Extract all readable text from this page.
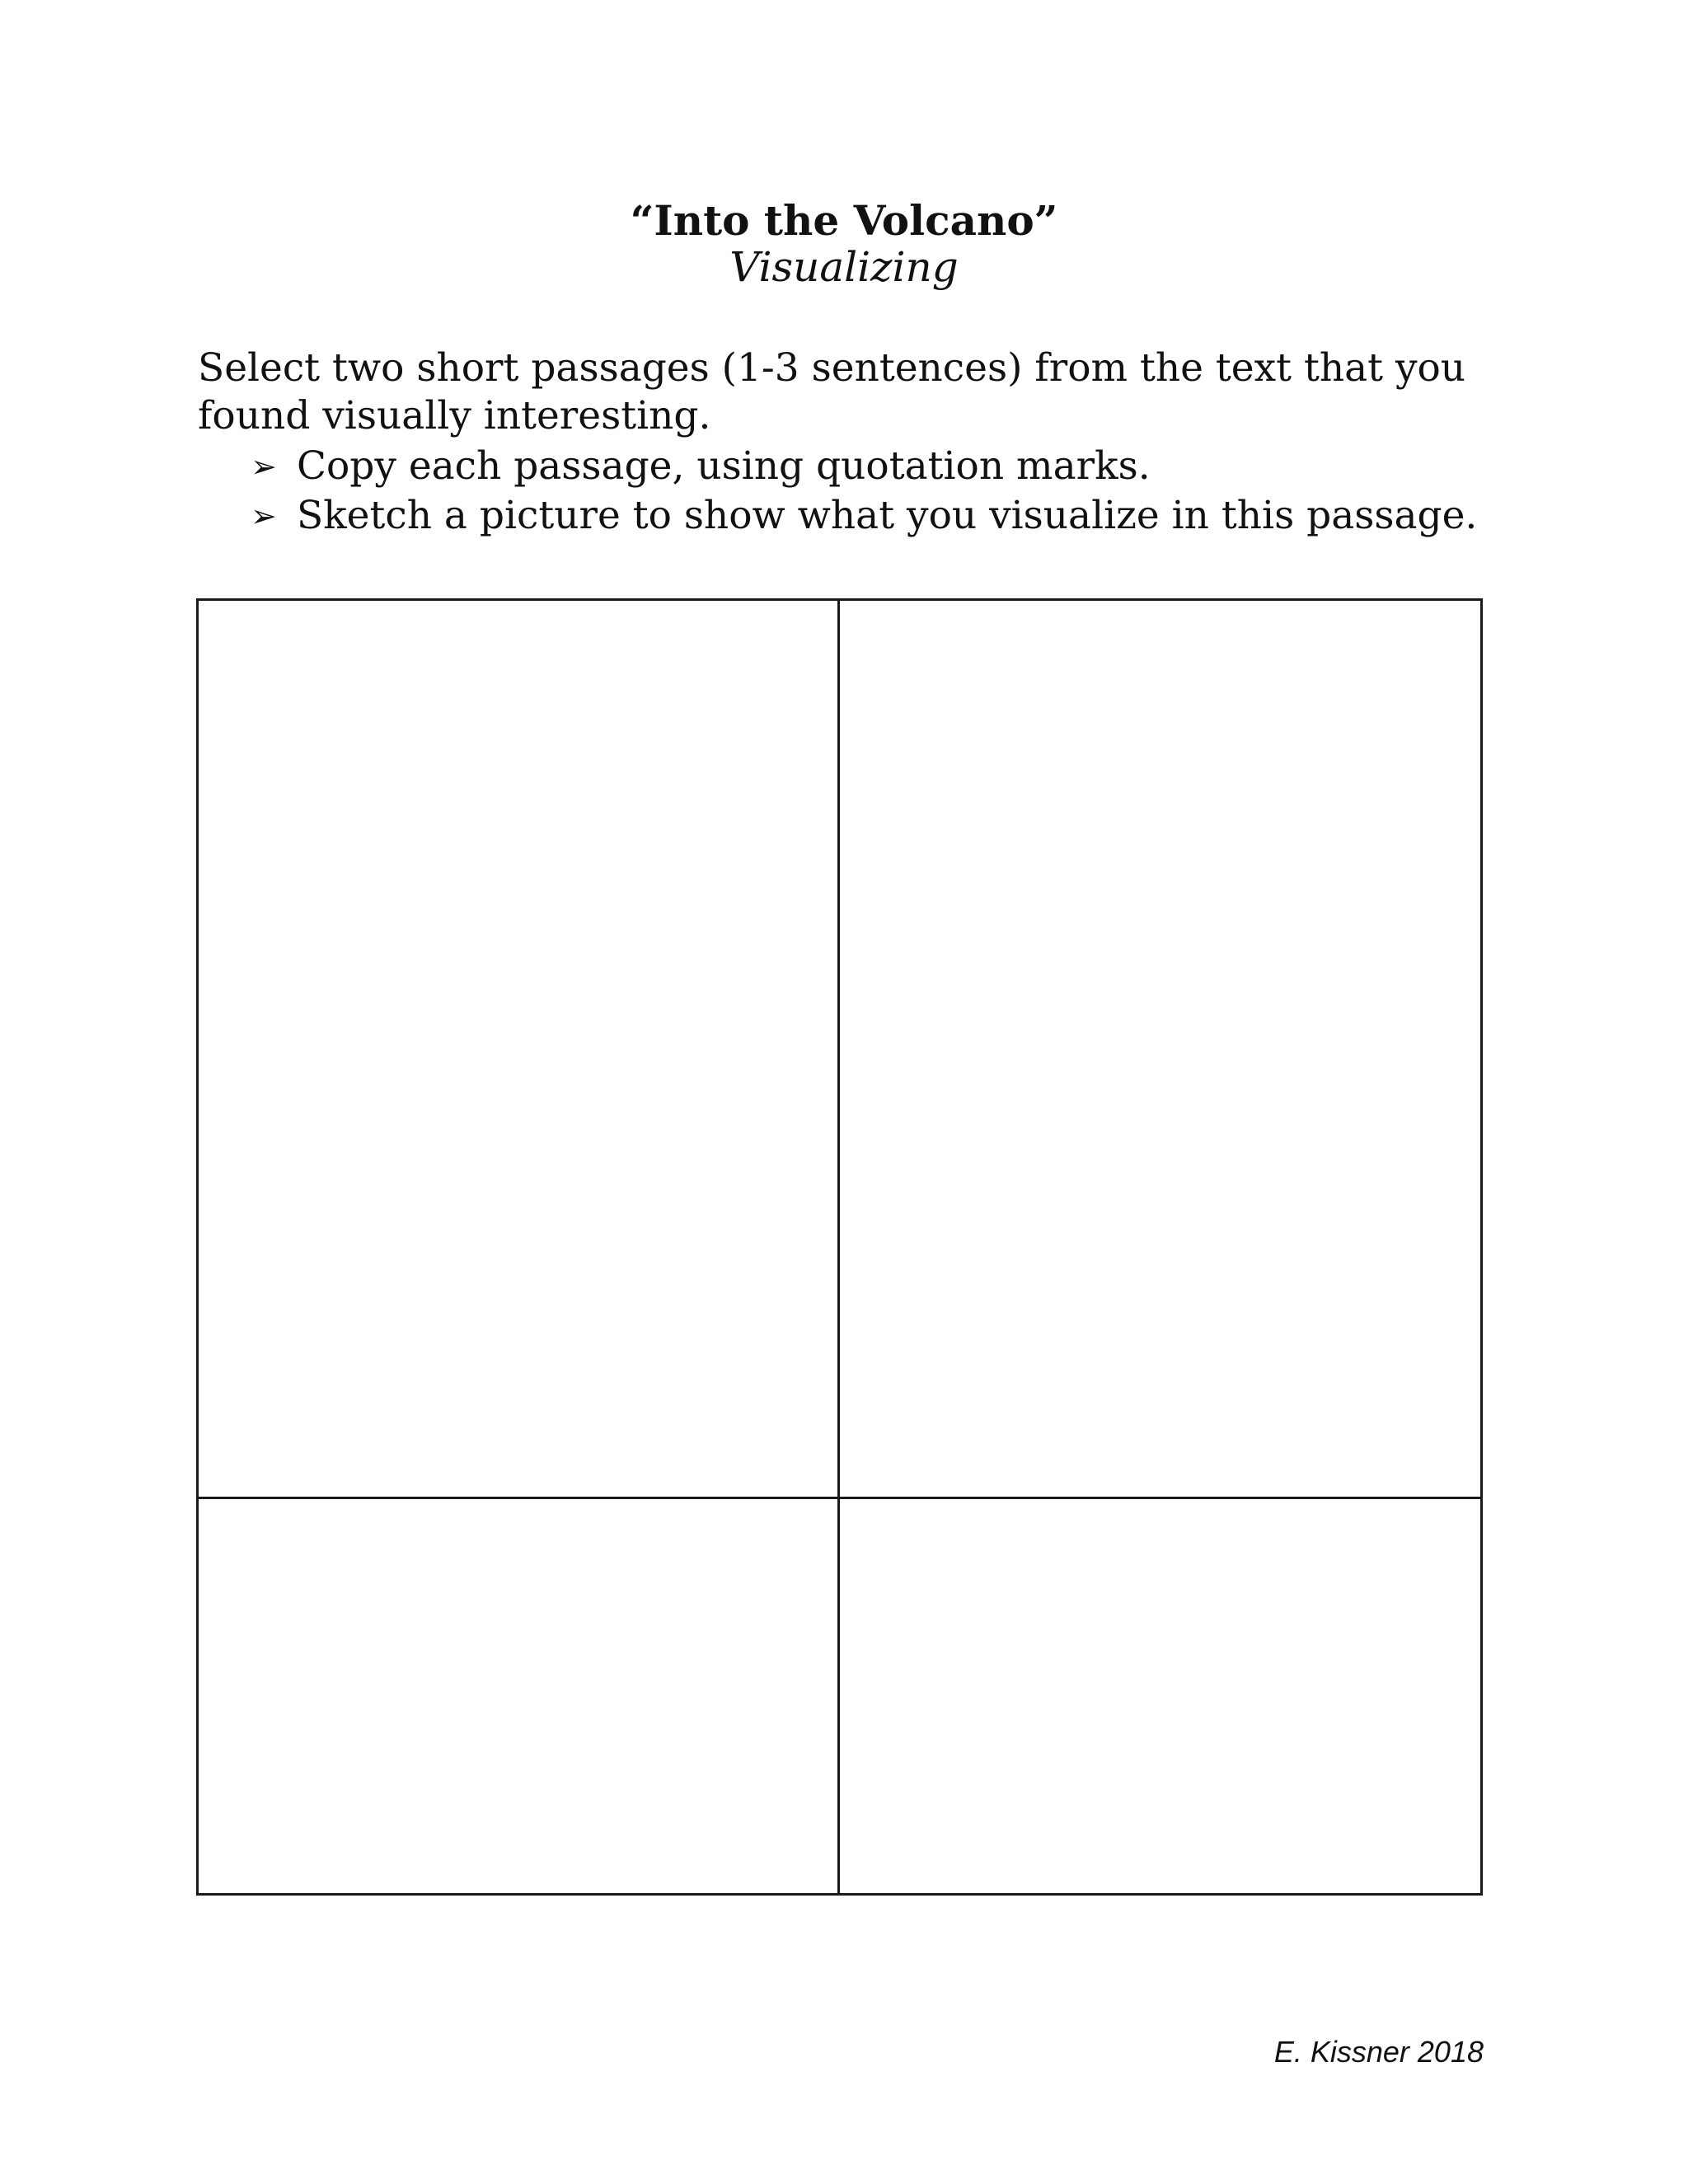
“Into the Volcano”
Visualizing

Select two short passages (1-3 sentences) from the text that you found visually interesting.

➢ Copy each passage, using quotation marks.
➢ Sketch a picture to show what you visualize in this passage.
E. Kissner 2018
